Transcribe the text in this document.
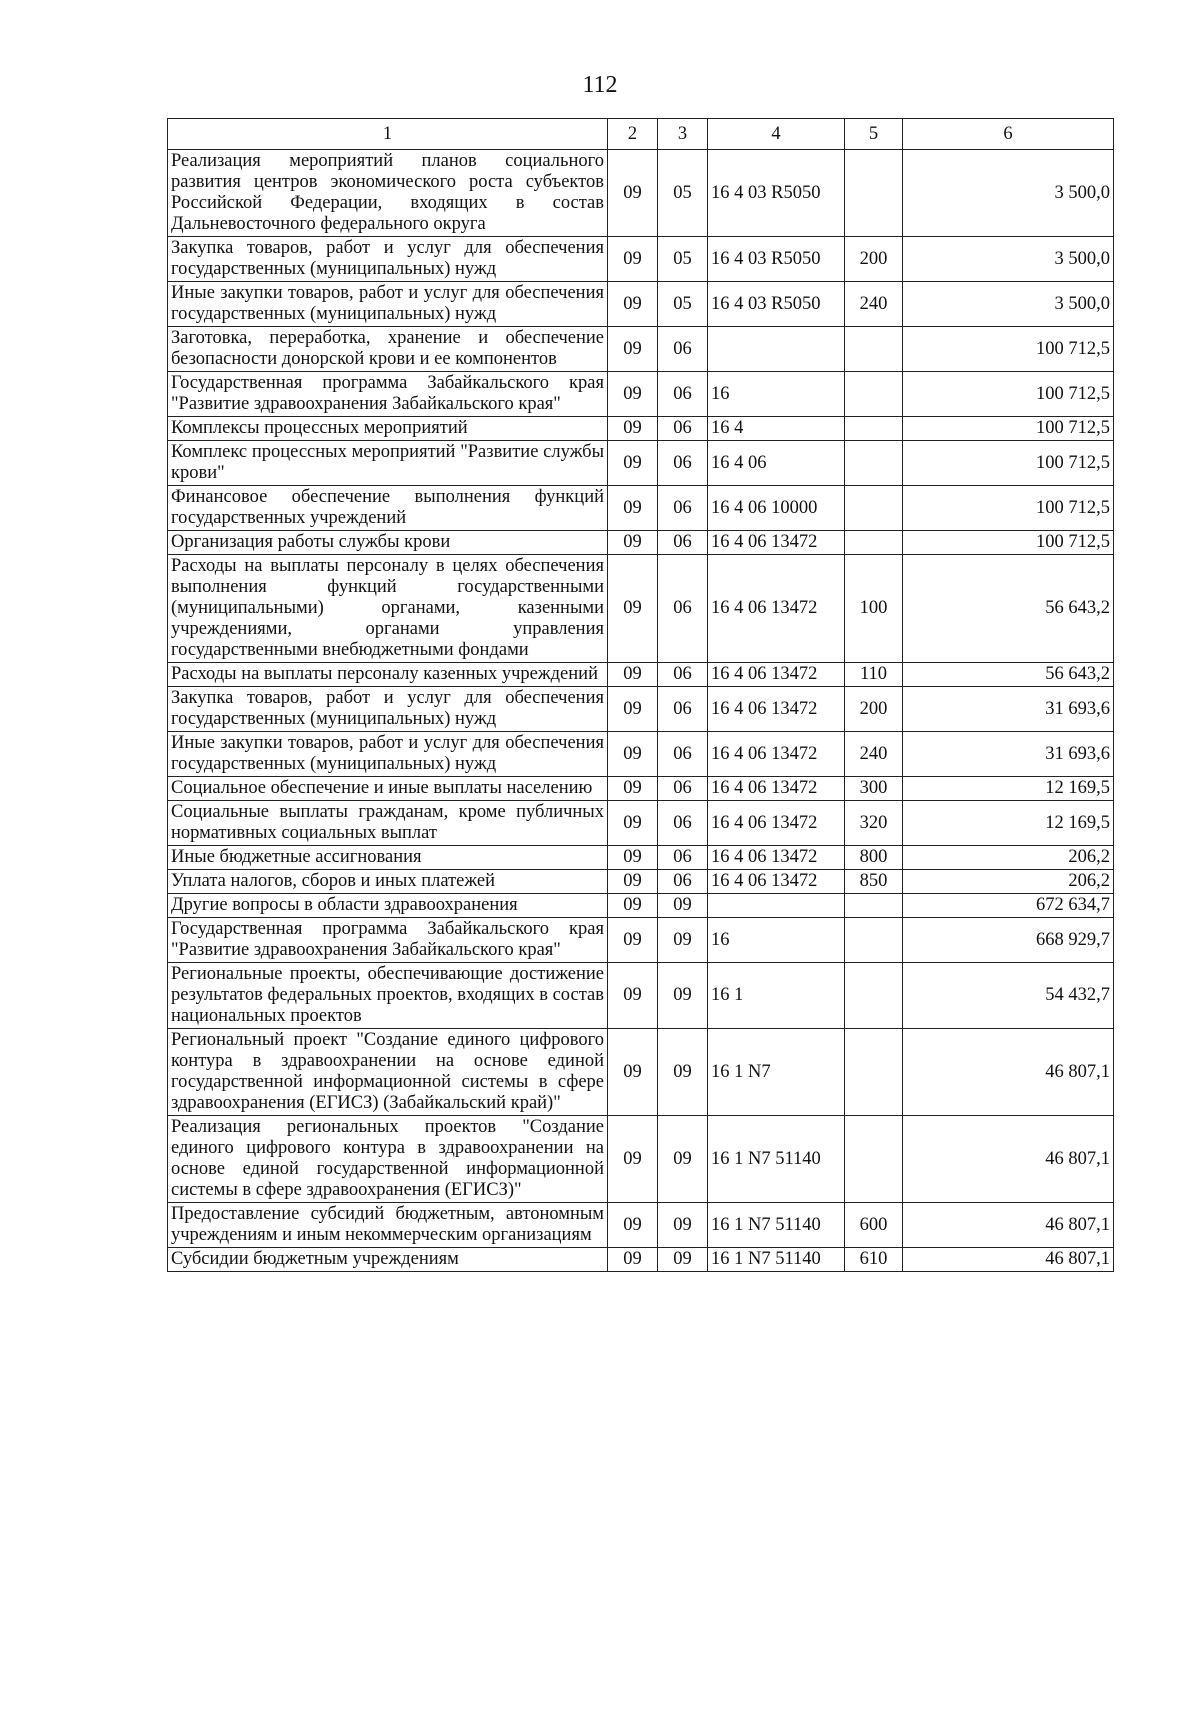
112
1	2	3	4	5	6
Реализация мероприятий планов социального развития центров экономического роста субъектов Российской Федерации, входящих в состав Дальневосточного федерального округа	09	05	16 4 03 R5050		3 500,0
Закупка товаров, работ и услуг для обеспечения государственных (муниципальных) нужд	09	05	16 4 03 R5050	200	3 500,0
Иные закупки товаров, работ и услуг для обеспечения государственных (муниципальных) нужд	09	05	16 4 03 R5050	240	3 500,0
Заготовка, переработка, хранение и обеспечение безопасности донорской крови и ее компонентов	09	06			100 712,5
Государственная программа Забайкальского края "Развитие здравоохранения Забайкальского края"	09	06	16		100 712,5
Комплексы процессных мероприятий	09	06	16 4		100 712,5
Комплекс процессных мероприятий "Развитие службы крови"	09	06	16 4 06		100 712,5
Финансовое обеспечение выполнения функций государственных учреждений	09	06	16 4 06 10000		100 712,5
Организация работы службы крови	09	06	16 4 06 13472		100 712,5
Расходы на выплаты персоналу в целях обеспечения выполнения функций государственными (муниципальными) органами, казенными учреждениями, органами управления государственными внебюджетными фондами	09	06	16 4 06 13472	100	56 643,2
Расходы на выплаты персоналу казенных учреждений	09	06	16 4 06 13472	110	56 643,2
Закупка товаров, работ и услуг для обеспечения государственных (муниципальных) нужд	09	06	16 4 06 13472	200	31 693,6
Иные закупки товаров, работ и услуг для обеспечения государственных (муниципальных) нужд	09	06	16 4 06 13472	240	31 693,6
Социальное обеспечение и иные выплаты населению	09	06	16 4 06 13472	300	12 169,5
Социальные выплаты гражданам, кроме публичных нормативных социальных выплат	09	06	16 4 06 13472	320	12 169,5
Иные бюджетные ассигнования	09	06	16 4 06 13472	800	206,2
Уплата налогов, сборов и иных платежей	09	06	16 4 06 13472	850	206,2
Другие вопросы в области здравоохранения	09	09			672 634,7
Государственная программа Забайкальского края "Развитие здравоохранения Забайкальского края"	09	09	16		668 929,7
Региональные проекты, обеспечивающие достижение результатов федеральных проектов, входящих в состав национальных проектов	09	09	16 1		54 432,7
Региональный проект "Создание единого цифрового контура в здравоохранении на основе единой государственной информационной системы в сфере здравоохранения (ЕГИСЗ) (Забайкальский край)"	09	09	16 1 N7		46 807,1
Реализация региональных проектов "Создание единого цифрового контура в здравоохранении на основе единой государственной информационной системы в сфере здравоохранения (ЕГИСЗ)"	09	09	16 1 N7 51140		46 807,1
Предоставление субсидий бюджетным, автономным учреждениям и иным некоммерческим организациям	09	09	16 1 N7 51140	600	46 807,1
Субсидии бюджетным учреждениям	09	09	16 1 N7 51140	610	46 807,1
